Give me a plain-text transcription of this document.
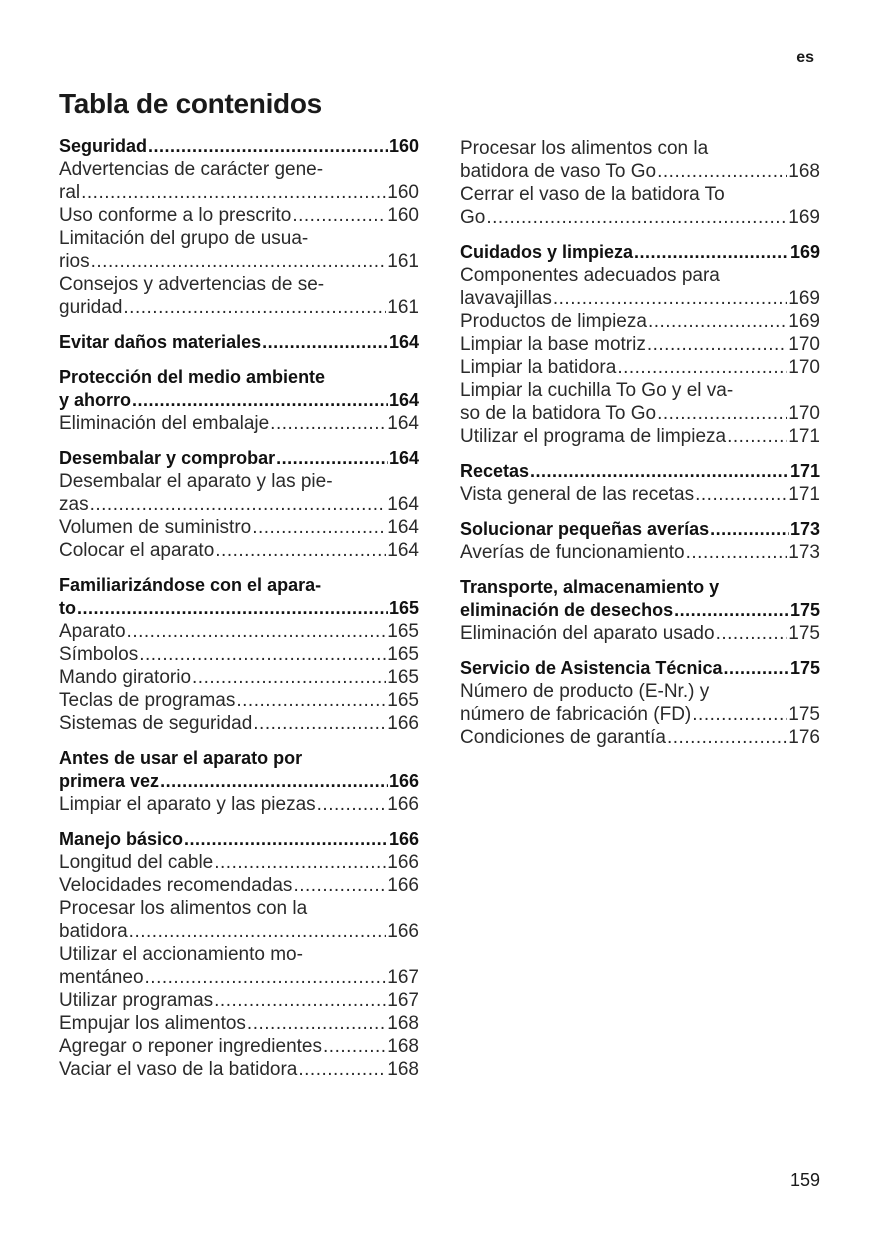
es
Tabla de contenidos
Seguridad .....	160
Advertencias de carácter gene-
ral .....	160
Uso conforme a lo prescrito .....	160
Limitación del grupo de usua-
rios .....	161
Consejos y advertencias de se-
guridad .....	161
Evitar daños materiales .....	164
Protección del medio ambiente
y ahorro .....	164
Eliminación del embalaje .....	164
Desembalar y comprobar .....	164
Desembalar el aparato y las pie-
zas .....	164
Volumen de suministro .....	164
Colocar el aparato .....	164
Familiarizándose con el apara-
to .....	165
Aparato .....	165
Símbolos .....	165
Mando giratorio .....	165
Teclas de programas .....	165
Sistemas de seguridad .....	166
Antes de usar el aparato por
primera vez .....	166
Limpiar el aparato y las piezas .....	166
Manejo básico .....	166
Longitud del cable .....	166
Velocidades recomendadas .....	166
Procesar los alimentos con la
batidora .....	166
Utilizar el accionamiento mo-
mentáneo .....	167
Utilizar programas .....	167
Empujar los alimentos .....	168
Agregar o reponer ingredientes .....	168
Vaciar el vaso de la batidora .....	168
Procesar los alimentos con la
batidora de vaso To Go .....	168
Cerrar el vaso de la batidora To
Go .....	169
Cuidados y limpieza .....	169
Componentes adecuados para
lavavajillas .....	169
Productos de limpieza .....	169
Limpiar la base motriz .....	170
Limpiar la batidora .....	170
Limpiar la cuchilla To Go y el va-
so de la batidora To Go .....	170
Utilizar el programa de limpieza .....	171
Recetas .....	171
Vista general de las recetas .....	171
Solucionar pequeñas averías .....	173
Averías de funcionamiento .....	173
Transporte, almacenamiento y
eliminación de desechos .....	175
Eliminación del aparato usado .....	175
Servicio de Asistencia Técnica .....	175
Número de producto (E-Nr.) y
número de fabricación (FD) .....	175
Condiciones de garantía .....	176
159
